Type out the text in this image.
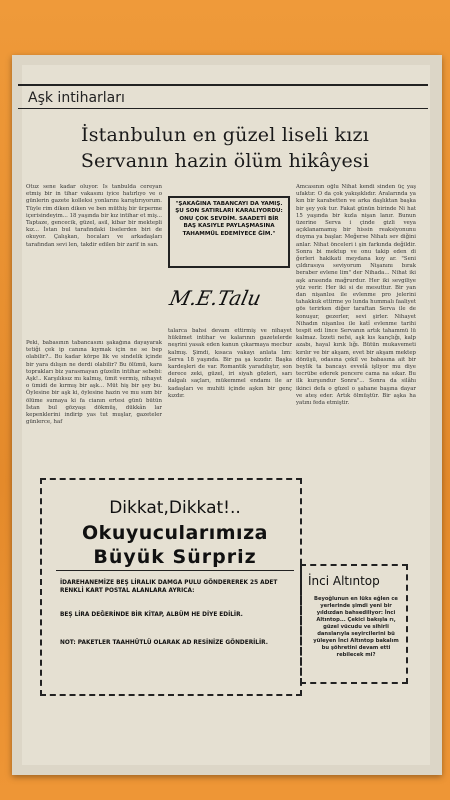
Aşk intiharları
İstanbulun en güzel liseli kızı
Servanın hazin ölüm hikâyesi
Otuz sene kadar oluyor. İs tanbulda cereyan etmiş bir in tihar vakasını iyice hatırlıyo ve o günlerin gazete kolleksi yonlarını karıştırıyorum. Tüyle rim diken diken ve ben müthiş bir ürperme içerisindeyim... 18 yaşında bir kız intihar et miş... Taptaze, gencecik, güzel, asil, kibar bir mektepli kız... İstan bul tarafındaki liselerden biri de okuyor. Çalışkan, hocaları ve arkadaşları tarafından sevi len, takdir edilen bir zarif in san.
Peki, babasının tabancasını şakağına dayayarak tetiği çek ip canına kıymak için ne se bep olabilir?.. Bu kadar körpe lik ve sindelik içinde bir yara dılışın ne derdi olabilir? Bu ölümü, kara toprakları biz yarasmayan güzelin intihar sebebi: Aşk!.. Karşılıksız mı kalmış, ümit vermiş, nihayet o ümidi de kırmış bir aşk... Müt hiş bir şey bu. Öylesine bir aşk ki, öylesine hazin ve mu sum bir ölüme sumaya ki fa cianın ertesi günü bütün İstan bul gözyaşı dökmüş, dükkân lar kepenklerini indirip yas tut muşlar, gazeteler günlerce, haf
"ŞAKAĞINA TABANCAYI DA YAMIŞ. ŞU SON SATIRLARI KARALIYORDU: ONU ÇOK SEVDİM. SAADETİ BİR BAŞ KASIYLE PAYLAŞMASINA TAHAMMÜL EDEMİYECE ĞİM."
M.E.Talu
talarca bahsi devam ettirmiş ve nihayet hükümet intihar ve kalarının gazetelerde neşrini yasak eden kanun çıkarmaya mecbur kalmış. Şimdi, kısaca vakayı anlata lım: Serva 18 yaşında. Bir pa şa kızıdır. Başka kardeşleri de var. Romantik yaradılıştır, son derece zeki, güzel, iri siyah gözleri, sarı dalgalı saçları, mükemmel endamı ile ar kadaşları ve muhiti içinde aşkın bir genç kızdır.
Amcasının oğlu Nihat kendi sinden üç yaş ufaktır. O da çok yakışıklıdır. Aralarında ya kın bir karabetten ve arka daşlıktan başka bir şey yok tur. Fakat günün birinde Ni hat 15 yaşında bir kızla nişan lanır. Bunun üzerine Serva i çinde gizli veya açıklanamamış bir hissin reaksiyonunu duyma ya başlar. Meğerse Nihatı sev diğini anlar. Nihat önceleri i şin farkında değildir. Sonra bi mektup ve onu takip eden di ğerleri hakikati meydana koy ar. "Seni çıldırasıya seviyorum Nişanını bırak beraber evlene lim" der Nihada... Nihat iki aşk arasında mağrurdur. Her iki sevgiliye yüz verir. Her iki si de mesuttur. Bir yan dan nişanlısı ile evlenme pro jelerini tahakkuk ettirme yo lunda hummalı faaliyet gös terirken diğer taraftan Serva ile de konuşur, gezerler, sevi şirler. Nihayet Nihadın nişanlısı ile katî evlenme tarihi tespit edi lince Servanın artık tahammü lü kalmaz. İzzeti nefsi, aşk kıs kançlığı, kalp azabı, hayal kırık lığı. Bütün mukavemeti kırılır ve bir akşam, evet bir akşam mektep dönüşü, odasına çekil ve babasına ait bir beylik ta bancayı evvelâ işliyor mu diye tecrübe ederek pencere cama na sıkar. Bu ilk kurşundur Sonra"... Sonra da silâhı ikinci defa o güzel o şahane başına dayar ve ateş eder. Artık ölmüştür. Bir aşka ha yatını feda etmiştir.
Dikkat,Dikkat!..
Okuyucularımıza
Büyük Sürpriz
İDAREHANEMİZE BEŞ LİRALIK DAMGA PULU GÖNDEREREK 25 ADET RENKLİ KART POSTAL ALANLARA AYRICA:
BEŞ LİRA DEĞERİNDE BİR KİTAP, ALBÜM HE DİYE EDİLİR.
NOT: PAKETLER TAAHHÜTLÜ OLARAK AD RESİNİZE GÖNDERİLİR.
İnci Altıntop
Beyoğlunun en lüks eğlen ce yerlerinde şimdi yeni bir yıldızdan bahsediliyor: İnci Altıntop... Çekici bakışla rı, güzel vücudu ve sihirli danslarıyla seyircilerini bü yüleyen İnci Altıntop bakalım bu şöhretini devam etti rebilecek mi?
